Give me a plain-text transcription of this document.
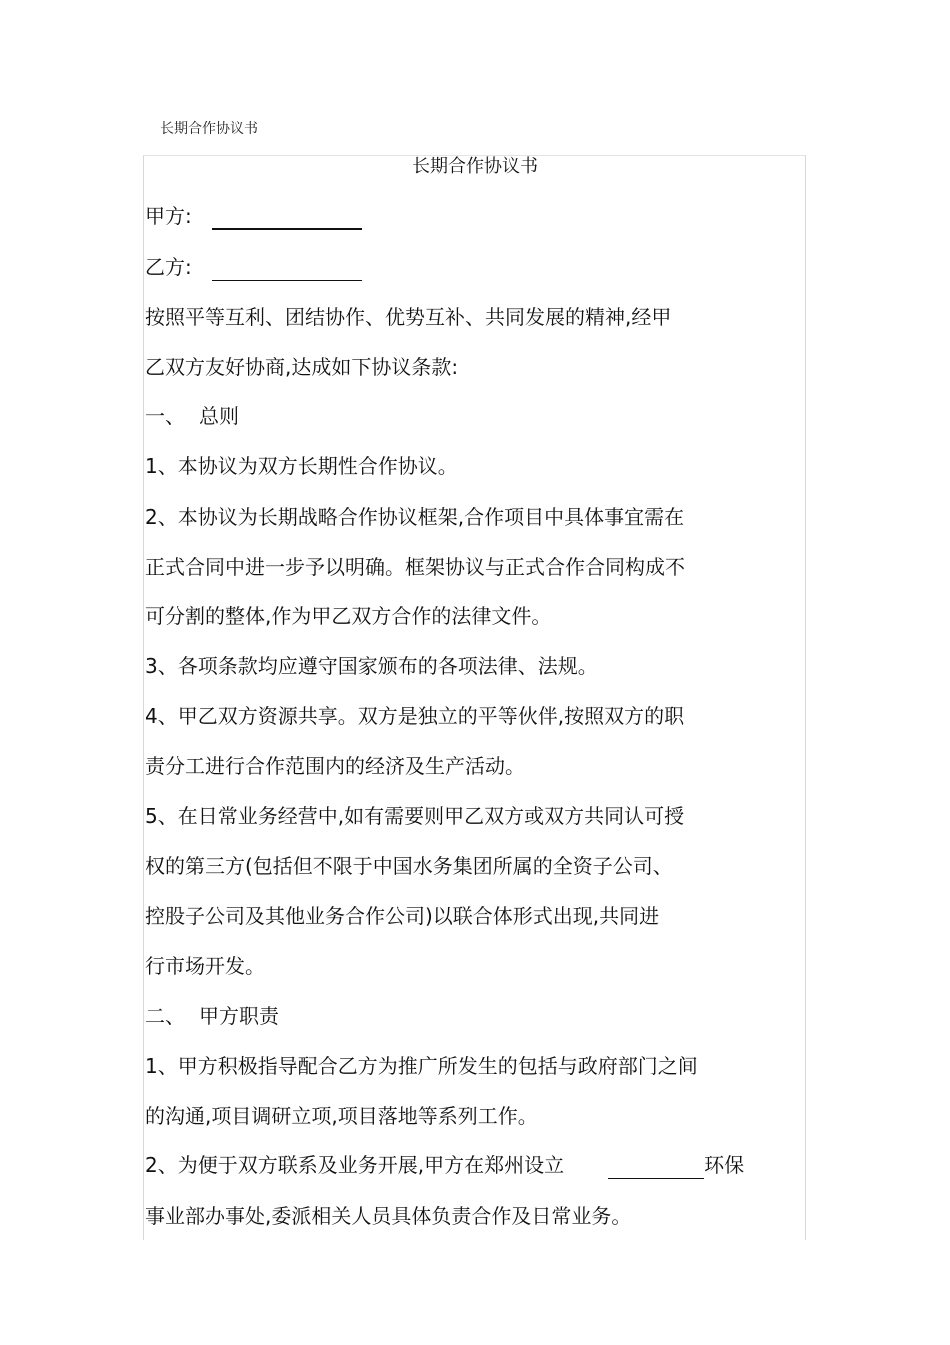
长期合作协议书
长期合作协议书
甲方:
乙方:
按照平等互利、团结协作、优势互补、共同发展的精神,经甲
乙双方友好协商,达成如下协议条款:
一、 总则
1、本协议为双方长期性合作协议。
2、本协议为长期战略合作协议框架,合作项目中具体事宜需在
正式合同中进一步予以明确。框架协议与正式合作合同构成不
可分割的整体,作为甲乙双方合作的法律文件。
3、各项条款均应遵守国家颁布的各项法律、法规。
4、甲乙双方资源共享。双方是独立的平等伙伴,按照双方的职
责分工进行合作范围内的经济及生产活动。
5、在日常业务经营中,如有需要则甲乙双方或双方共同认可授
权的第三方(包括但不限于中国水务集团所属的全资子公司、
控股子公司及其他业务合作公司)以联合体形式出现,共同进
行市场开发。
二、 甲方职责
1、甲方积极指导配合乙方为推广所发生的包括与政府部门之间
的沟通,项目调研立项,项目落地等系列工作。
2、为便于双方联系及业务开展,甲方在郑州设立	环保
事业部办事处,委派相关人员具体负责合作及日常业务。
